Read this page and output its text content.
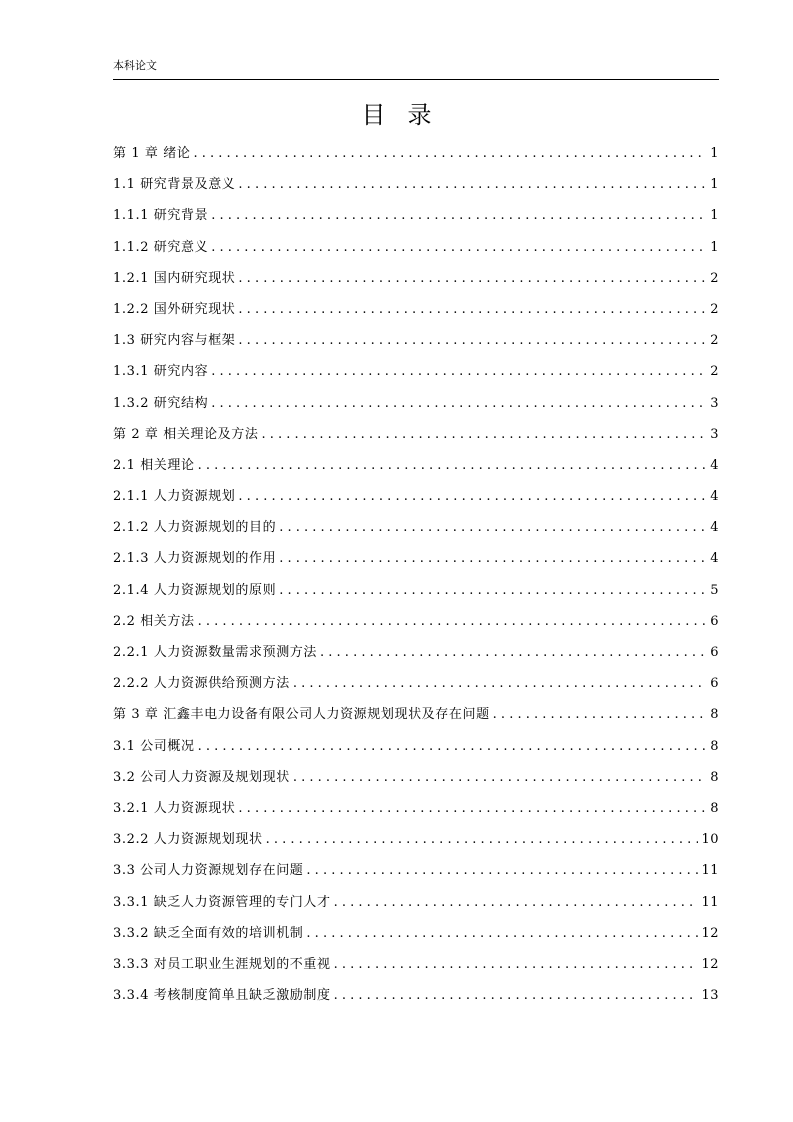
本科论文
目录
第 1 章 绪论 . . .	1
1.1 研究背景及意义 . . .	1
1.1.1 研究背景 . . .	1
1.1.2 研究意义 . . .	1
1.2.1 国内研究现状 . . .	2
1.2.2 国外研究现状 . . .	2
1.3 研究内容与框架 . . .	2
1.3.1 研究内容 . . .	2
1.3.2 研究结构 . . .	3
第 2 章 相关理论及方法 . . .	3
2.1 相关理论 . . .	4
2.1.1 人力资源规划 . . .	4
2.1.2 人力资源规划的目的 . . .	4
2.1.3 人力资源规划的作用 . . .	4
2.1.4 人力资源规划的原则 . . .	5
2.2 相关方法 . . .	6
2.2.1 人力资源数量需求预测方法 . . .	6
2.2.2 人力资源供给预测方法 . . .	6
第 3 章 汇鑫丰电力设备有限公司人力资源规划现状及存在问题 . . .	8
3.1 公司概况 . . .	8
3.2 公司人力资源及规划现状 . . .	8
3.2.1 人力资源现状 . . .	8
3.2.2 人力资源规划现状 . . .	10
3.3 公司人力资源规划存在问题 . . .	11
3.3.1 缺乏人力资源管理的专门人才 . . .	11
3.3.2 缺乏全面有效的培训机制 . . .	12
3.3.3 对员工职业生涯规划的不重视 . . .	12
3.3.4 考核制度简单且缺乏激励制度 . . .	13
